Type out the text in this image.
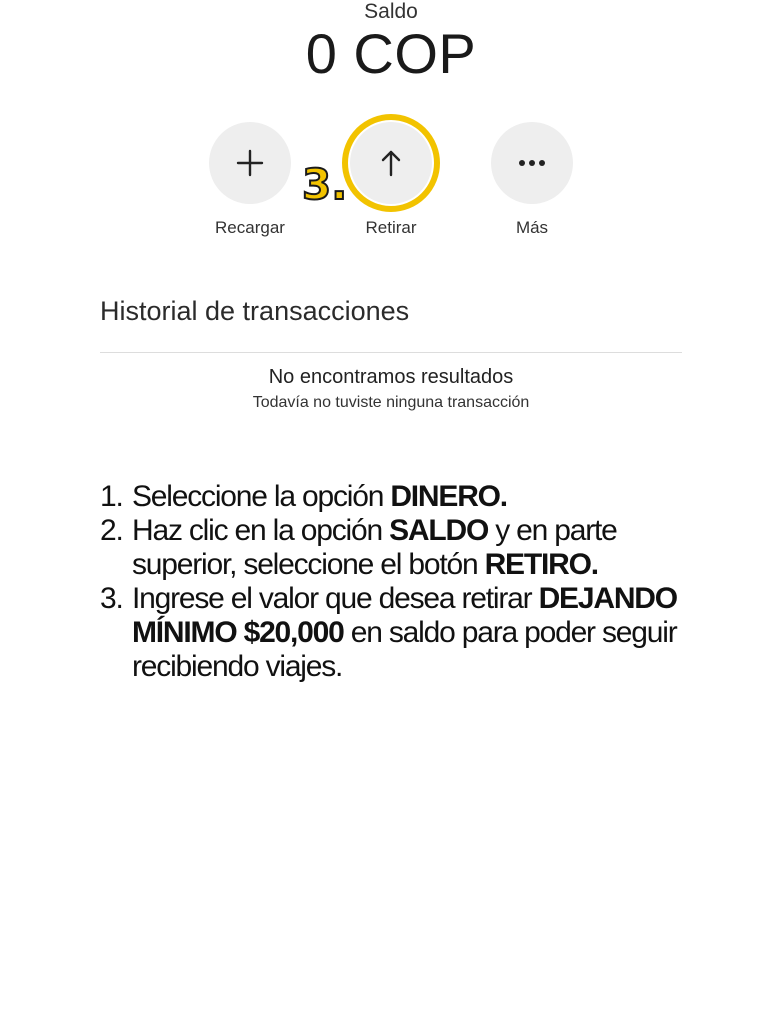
Saldo
0 COP
Recargar	Retirar	Más
3.
Historial de transacciones
No encontramos resultados
Todavía no tuviste ninguna transacción
1. Seleccione la opción DINERO.
2. Haz clic en la opción SALDO y en parte superior, seleccione el botón RETIRO.
3. Ingrese el valor que desea retirar DEJANDO MÍNIMO $20,000 en saldo para poder seguir recibiendo viajes.
